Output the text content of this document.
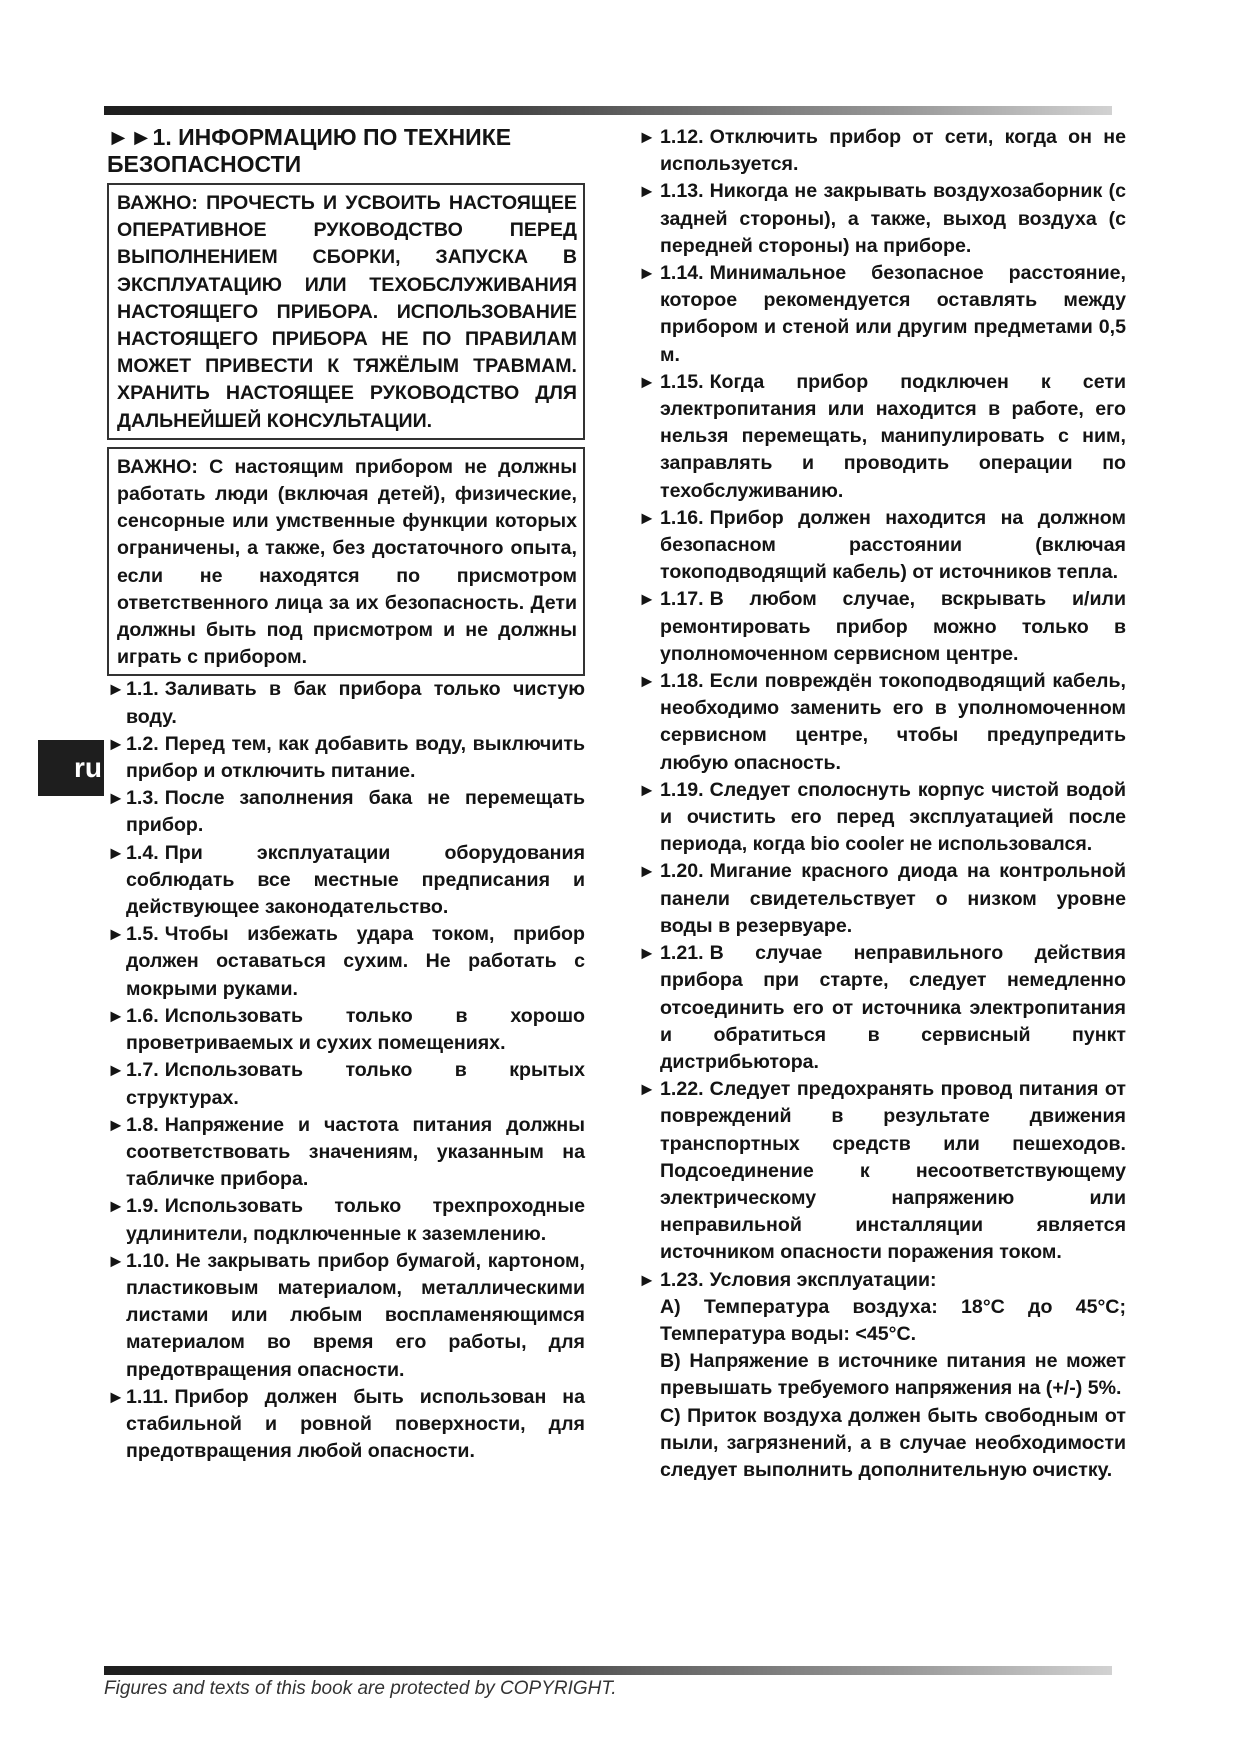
ru
►►1. ИНФОРМАЦИЮ ПО ТЕХНИКЕ БЕЗОПАСНОСТИ
ВАЖНО: ПРОЧЕСТЬ И УСВОИТЬ НАСТОЯЩЕЕ ОПЕРАТИВНОЕ РУКОВОДСТВО ПЕРЕД ВЫПОЛНЕНИЕМ СБОРКИ, ЗАПУСКА В ЭКСПЛУАТАЦИЮ ИЛИ ТЕХОБСЛУЖИВАНИЯ НАСТОЯЩЕГО ПРИБОРА. ИСПОЛЬЗОВАНИЕ НАСТОЯЩЕГО ПРИБОРА НЕ ПО ПРАВИЛАМ МОЖЕТ ПРИВЕСТИ К ТЯЖЁЛЫМ ТРАВМАМ. ХРАНИТЬ НАСТОЯЩЕЕ РУКОВОДСТВО ДЛЯ ДАЛЬНЕЙШЕЙ КОНСУЛЬТАЦИИ.
ВАЖНО: С настоящим прибором не должны работать люди (включая детей), физические, сенсорные или умственные функции которых ограничены, а также, без достаточного опыта, если не находятся по присмотром ответственного лица за их безопасность. Дети должны быть под присмотром и не должны играть с прибором.

► 1.1. Заливать в бак прибора только чистую воду.

► 1.2. Перед тем, как добавить воду, выключить прибор и отключить питание.

► 1.3. После заполнения бака не перемещать прибор.

► 1.4. При эксплуатации оборудования соблюдать все местные предписания и действующее законодательство.

► 1.5. Чтобы избежать удара током, прибор должен оставаться сухим. Не работать с мокрыми руками.

► 1.6. Использовать только в хорошо проветриваемых и сухих помещениях.

► 1.7. Использовать только в крытых структурах.

► 1.8. Напряжение и частота питания должны соответствовать значениям, указанным на табличке прибора.

► 1.9. Использовать только трехпроходные удлинители, подключенные к заземлению.

► 1.10. Не закрывать прибор бумагой, картоном, пластиковым материалом, металлическими листами или любым воспламеняющимся материалом во время его работы, для предотвращения опасности.

► 1.11. Прибор должен быть использован на стабильной и ровной поверхности, для предотвращения любой опасности.

► 1.12. Отключить прибор от сети, когда он не используется.

► 1.13. Никогда не закрывать воздухозаборник (с задней стороны), а также, выход воздуха (с передней стороны) на приборе.

► 1.14. Минимальное безопасное расстояние, которое рекомендуется оставлять между прибором и стеной или другим предметами 0,5 м.

► 1.15. Когда прибор подключен к сети электропитания или находится в работе, его нельзя перемещать, манипулировать с ним, заправлять и проводить операции по техобслуживанию.

► 1.16. Прибор должен находится на должном безопасном расстоянии (включая токоподводящий кабель) от источников тепла.

► 1.17. В любом случае, вскрывать и/или ремонтировать прибор можно только в уполномоченном сервисном центре.

► 1.18. Если повреждён токоподводящий кабель, необходимо заменить его в уполномоченном сервисном центре, чтобы предупредить любую опасность.

► 1.19. Следует сполоснуть корпус чистой водой и очистить его перед эксплуатацией после периода, когда bio cooler не использовался.

► 1.20. Мигание красного диода на контрольной панели свидетельствует о низком уровне воды в резервуаре.

► 1.21. В случае неправильного действия прибора при старте, следует немедленно отсоединить его от источника электропитания и обратиться в сервисный пункт дистрибьютора.

► 1.22. Следует предохранять провод питания от повреждений в результате движения транспортных средств или пешеходов. Подсоединение к несоответствующему электрическому напряжению или неправильной инсталляции является источником опасности поражения током.

► 1.23. Условия эксплуатации:

A) Температура воздуха: 18°C до 45°C; Температура воды: <45°C.

B) Напряжение в источнике питания не может превышать требуемого напряжения на (+/-) 5%.

C) Приток воздуха должен быть свободным от пыли, загрязнений, а в случае необходимости следует выполнить дополнительную очистку.

Figures and texts of this book are protected by COPYRIGHT.
